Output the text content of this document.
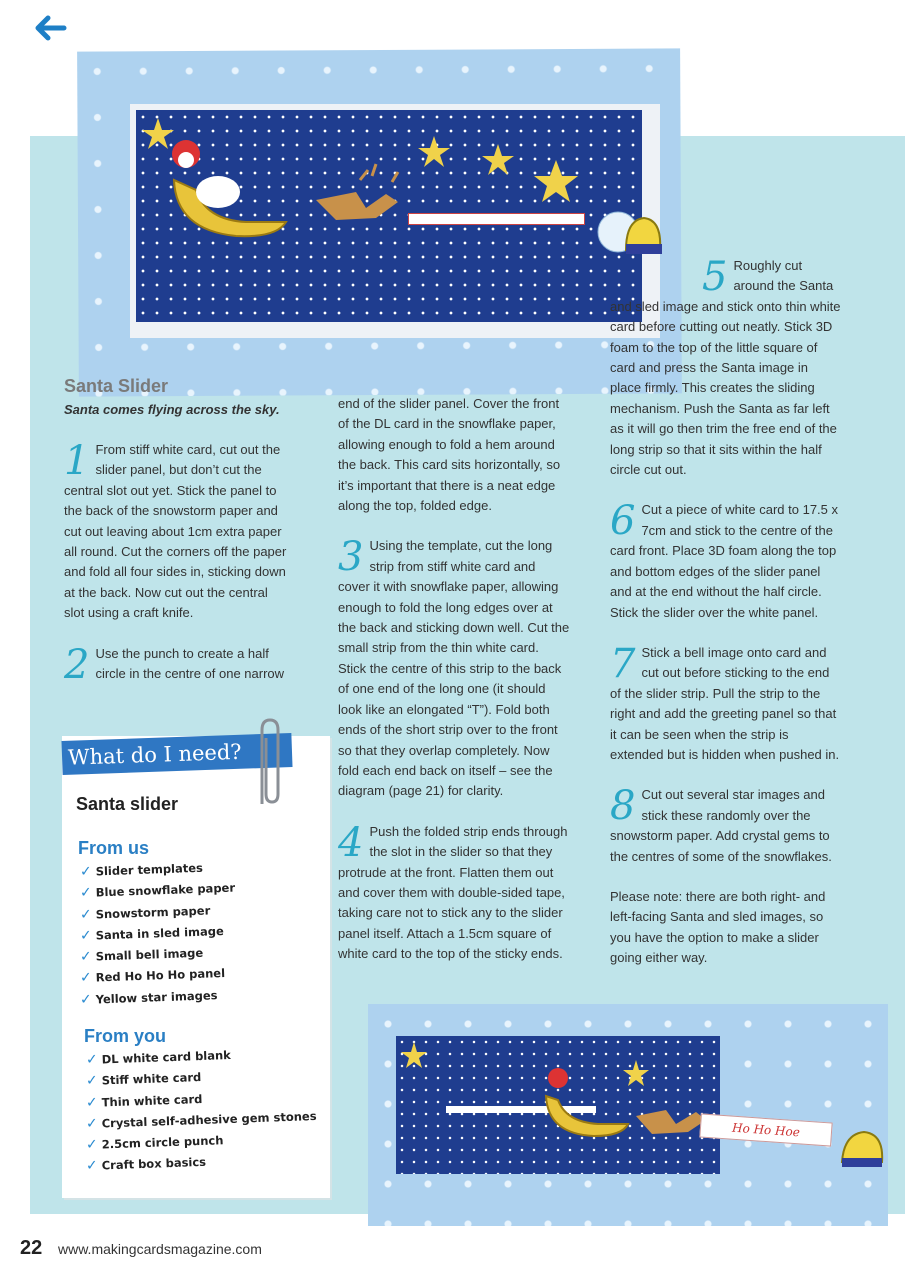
Santa Slider

Santa comes flying across the sky.

1 From stiff white card, cut out the slider panel, but don’t cut the central slot out yet. Stick the panel to the back of the snowstorm paper and cut out leaving about 1cm extra paper all round. Cut the corners off the paper and fold all four sides in, sticking down at the back. Now cut out the central slot using a craft knife.

2 Use the punch to create a half circle in the centre of one narrow

end of the slider panel. Cover the front of the DL card in the snowflake paper, allowing enough to fold a hem around the back. This card sits horizontally, so it’s important that there is a neat edge along the top, folded edge.

3 Using the template, cut the long strip from stiff white card and cover it with snowflake paper, allowing enough to fold the long edges over at the back and sticking down well. Cut the small strip from the thin white card. Stick the centre of this strip to the back of one end of the long one (it should look like an elongated “T”). Fold both ends of the short strip over to the front so that they overlap completely. Now fold each end back on itself – see the diagram (page 21) for clarity.

4 Push the folded strip ends through the slot in the slider so that they protrude at the front. Flatten them out and cover them with double-sided tape, taking care not to stick any to the slider panel itself. Attach a 1.5cm square of white card to the top of the sticky ends.

5 Roughly cut around the Santa and sled image and stick onto thin white card before cutting out neatly. Stick 3D foam to the top of the little square of card and press the Santa image in place firmly. This creates the sliding mechanism. Push the Santa as far left as it will go then trim the free end of the long strip so that it sits within the half circle cut out.

6 Cut a piece of white card to 17.5 x 7cm and stick to the centre of the card front. Place 3D foam along the top and bottom edges of the slider panel and at the end without the half circle. Stick the slider over the white panel.

7 Stick a bell image onto card and cut out before sticking to the end of the slider strip. Pull the strip to the right and add the greeting panel so that it can be seen when the strip is extended but is hidden when pushed in.

8 Cut out several star images and stick these randomly over the snowstorm paper. Add crystal gems to the centres of some of the snowflakes.

Please note: there are both right- and left-facing Santa and sled images, so you have the option to make a slider going either way.

What do I need?
Santa slider
From us
✓ Slider templates
✓ Blue snowflake paper
✓ Snowstorm paper
✓ Santa in sled image
✓ Small bell image
✓ Red Ho Ho Ho panel
✓ Yellow star images
From you
✓ DL white card blank
✓ Stiff white card
✓ Thin white card
✓ Crystal self-adhesive gem stones
✓ 2.5cm circle punch
✓ Craft box basics
Ho Ho Hoe
22 www.makingcardsmagazine.com
